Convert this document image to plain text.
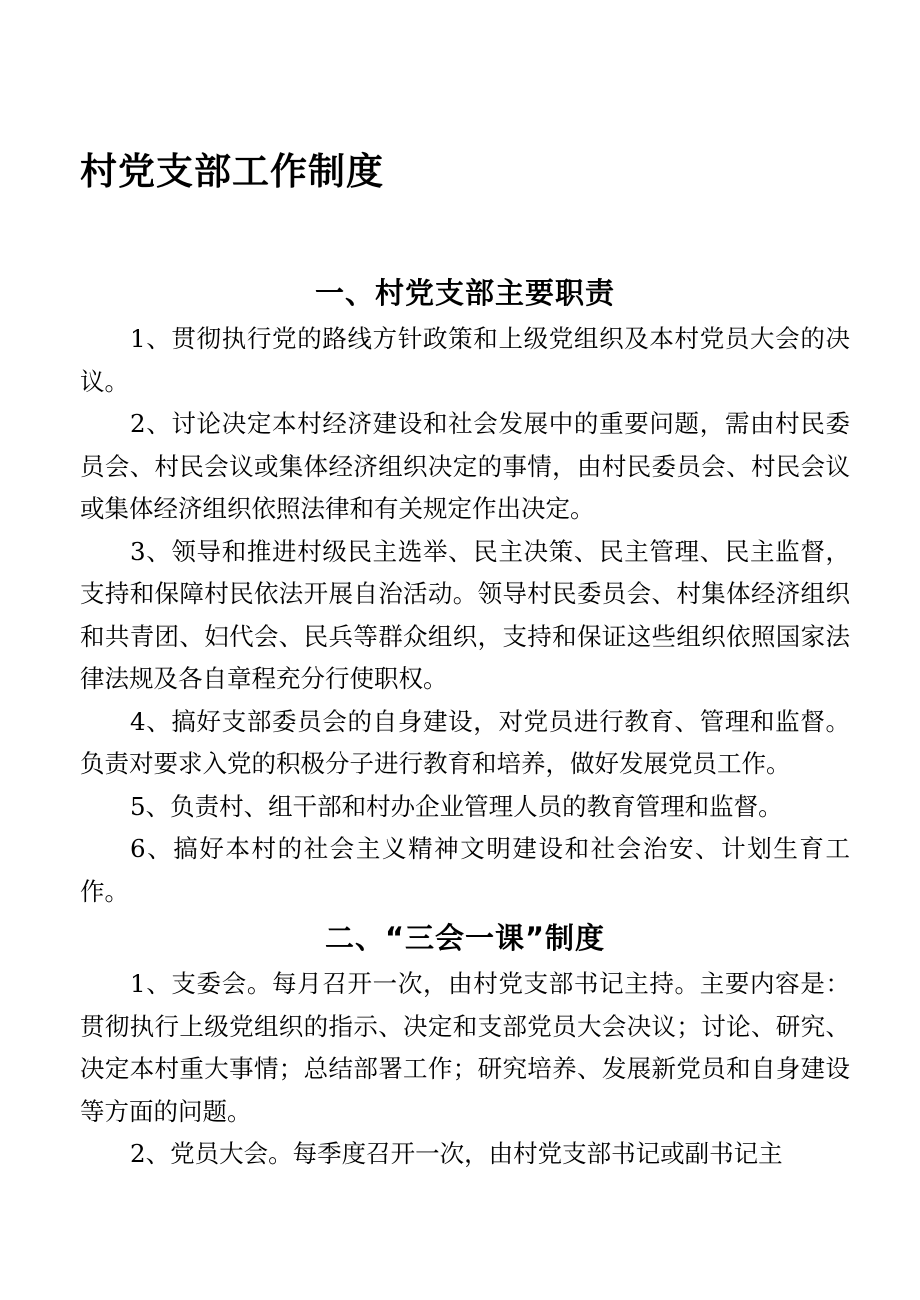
村党支部工作制度
一、村党支部主要职责

1、贯彻执行党的路线方针政策和上级党组织及本村党员大会的决议。

2、讨论决定本村经济建设和社会发展中的重要问题，需由村民委员会、村民会议或集体经济组织决定的事情，由村民委员会、村民会议或集体经济组织依照法律和有关规定作出决定。

3、领导和推进村级民主选举、民主决策、民主管理、民主监督，支持和保障村民依法开展自治活动。领导村民委员会、村集体经济组织和共青团、妇代会、民兵等群众组织，支持和保证这些组织依照国家法律法规及各自章程充分行使职权。

4、搞好支部委员会的自身建设，对党员进行教育、管理和监督。负责对要求入党的积极分子进行教育和培养，做好发展党员工作。

5、负责村、组干部和村办企业管理人员的教育管理和监督。

6、搞好本村的社会主义精神文明建设和社会治安、计划生育工作。

二、“三会一课”制度

1、支委会。每月召开一次，由村党支部书记主持。主要内容是：贯彻执行上级党组织的指示、决定和支部党员大会决议；讨论、研究、决定本村重大事情；总结部署工作；研究培养、发展新党员和自身建设等方面的问题。

2、党员大会。每季度召开一次，由村党支部书记或副书记主
